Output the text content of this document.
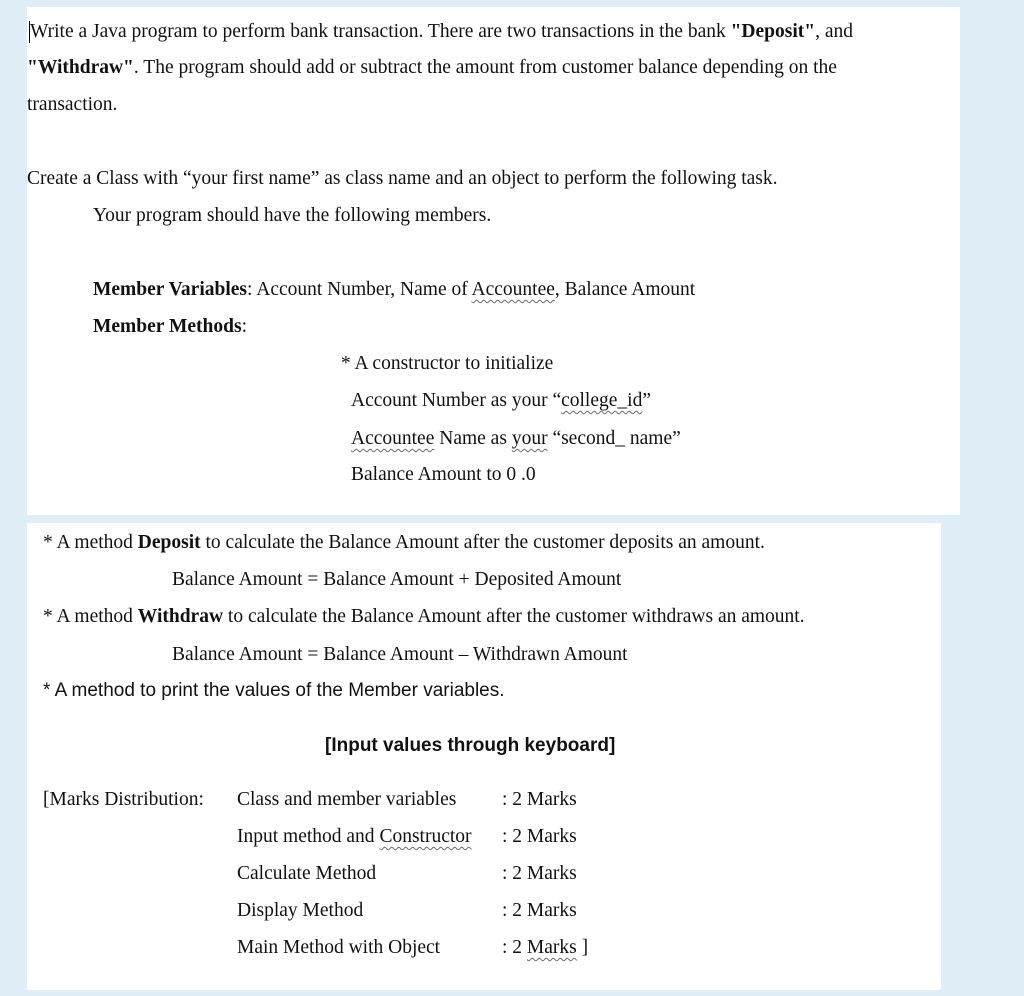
Write a Java program to perform bank transaction. There are two transactions in the bank "Deposit", and
"Withdraw". The program should add or subtract the amount from customer balance depending on the
transaction.
Create a Class with “your first name” as class name and an object to perform the following task.
Your program should have the following members.
Member Variables: Account Number, Name of Accountee, Balance Amount
Member Methods:
* A constructor to initialize
Account Number as your “college_id”
Accountee Name as your “second_ name”
Balance Amount to 0 .0
* A method Deposit to calculate the Balance Amount after the customer deposits an amount.
Balance Amount = Balance Amount + Deposited Amount
* A method Withdraw to calculate the Balance Amount after the customer withdraws an amount.
Balance Amount = Balance Amount – Withdrawn Amount
* A method to print the values of the Member variables.
[Input values through keyboard]
[Marks Distribution: Class and member variables : 2 Marks
Input method and Constructor : 2 Marks
Calculate Method	: 2 Marks
Display Method	: 2 Marks
Main Method with Object	: 2 Marks ]
